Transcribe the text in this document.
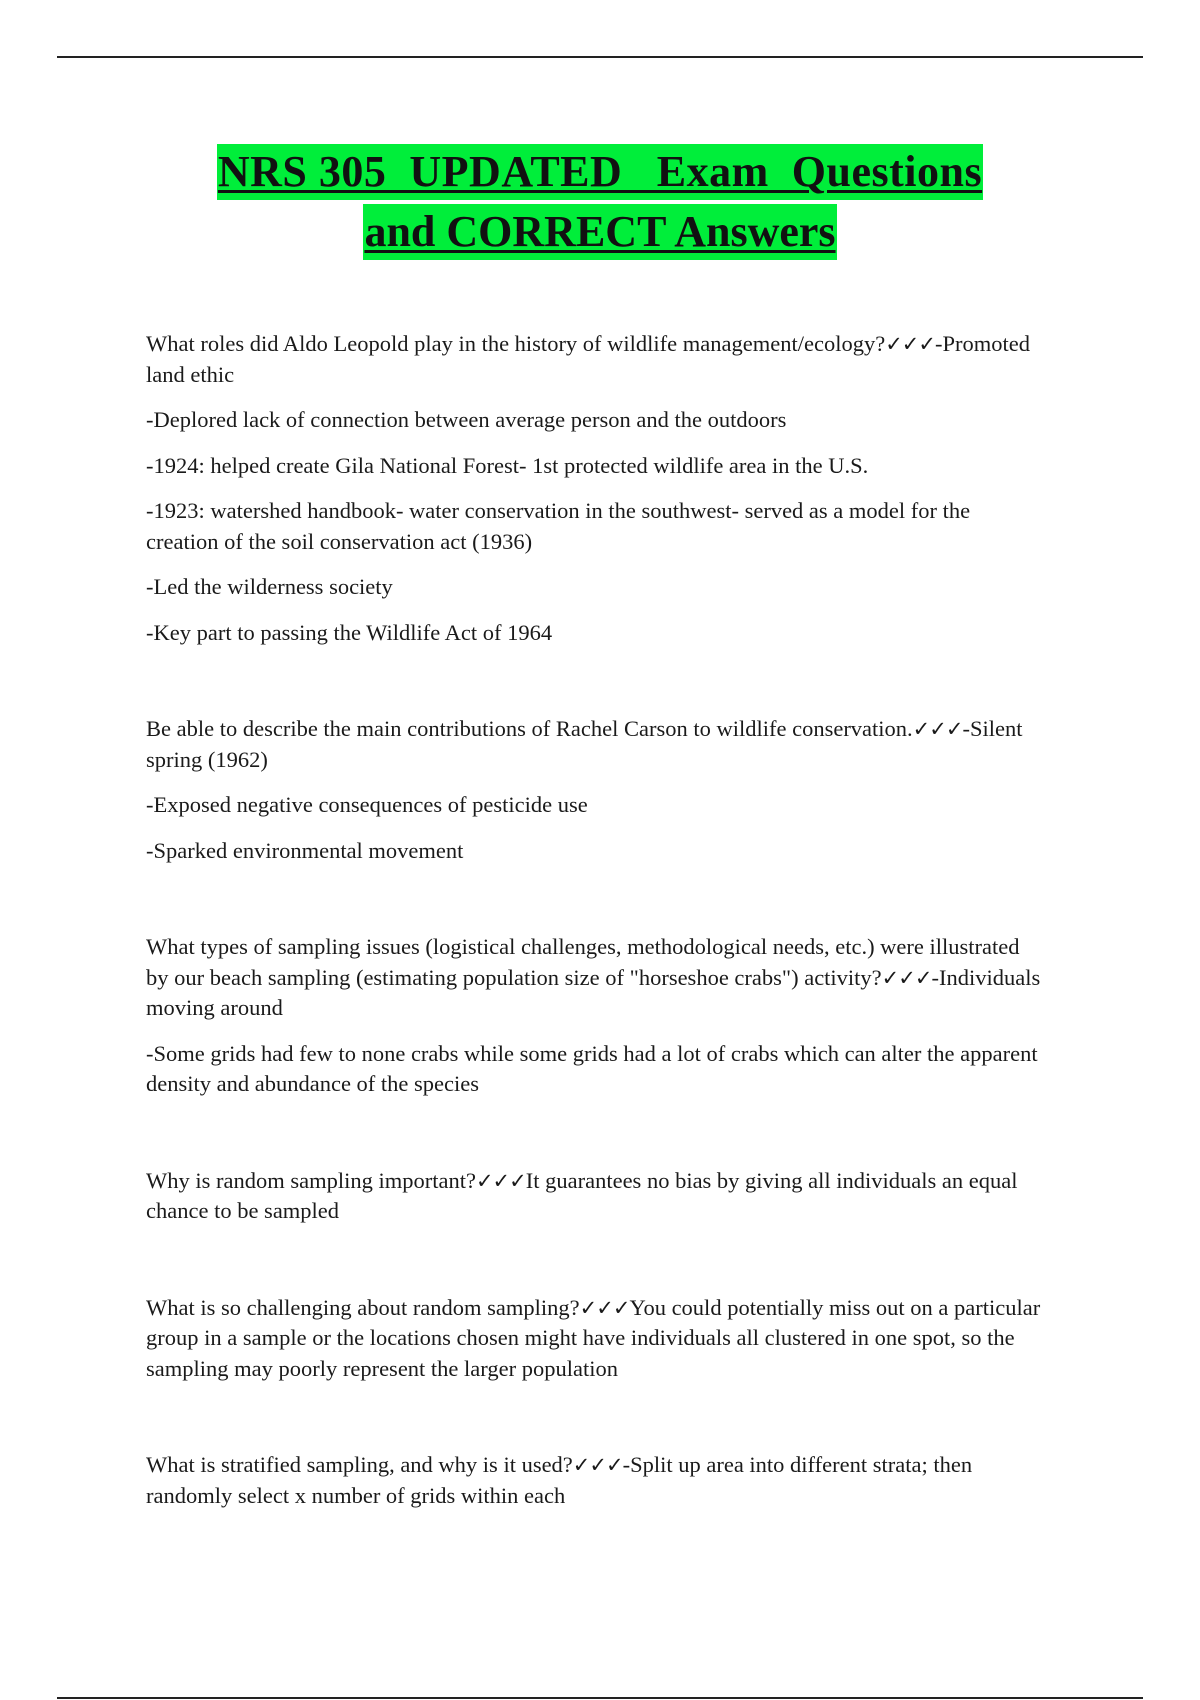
NRS 305  UPDATED   Exam  Questions
and CORRECT Answers

What roles did Aldo Leopold play in the history of wildlife management/ecology?✓✓✓-Promoted land ethic

-Deplored lack of connection between average person and the outdoors

-1924: helped create Gila National Forest- 1st protected wildlife area in the U.S.

-1923: watershed handbook- water conservation in the southwest- served as a model for the creation of the soil conservation act (1936)

-Led the wilderness society

-Key part to passing the Wildlife Act of 1964

Be able to describe the main contributions of Rachel Carson to wildlife conservation.✓✓✓-Silent spring (1962)

-Exposed negative consequences of pesticide use

-Sparked environmental movement

What types of sampling issues (logistical challenges, methodological needs, etc.) were illustrated by our beach sampling (estimating population size of "horseshoe crabs") activity?✓✓✓-Individuals moving around

-Some grids had few to none crabs while some grids had a lot of crabs which can alter the apparent density and abundance of the species

Why is random sampling important?✓✓✓It guarantees no bias by giving all individuals an equal chance to be sampled

What is so challenging about random sampling?✓✓✓You could potentially miss out on a particular group in a sample or the locations chosen might have individuals all clustered in one spot, so the sampling may poorly represent the larger population

What is stratified sampling, and why is it used?✓✓✓-Split up area into different strata; then randomly select x number of grids within each
